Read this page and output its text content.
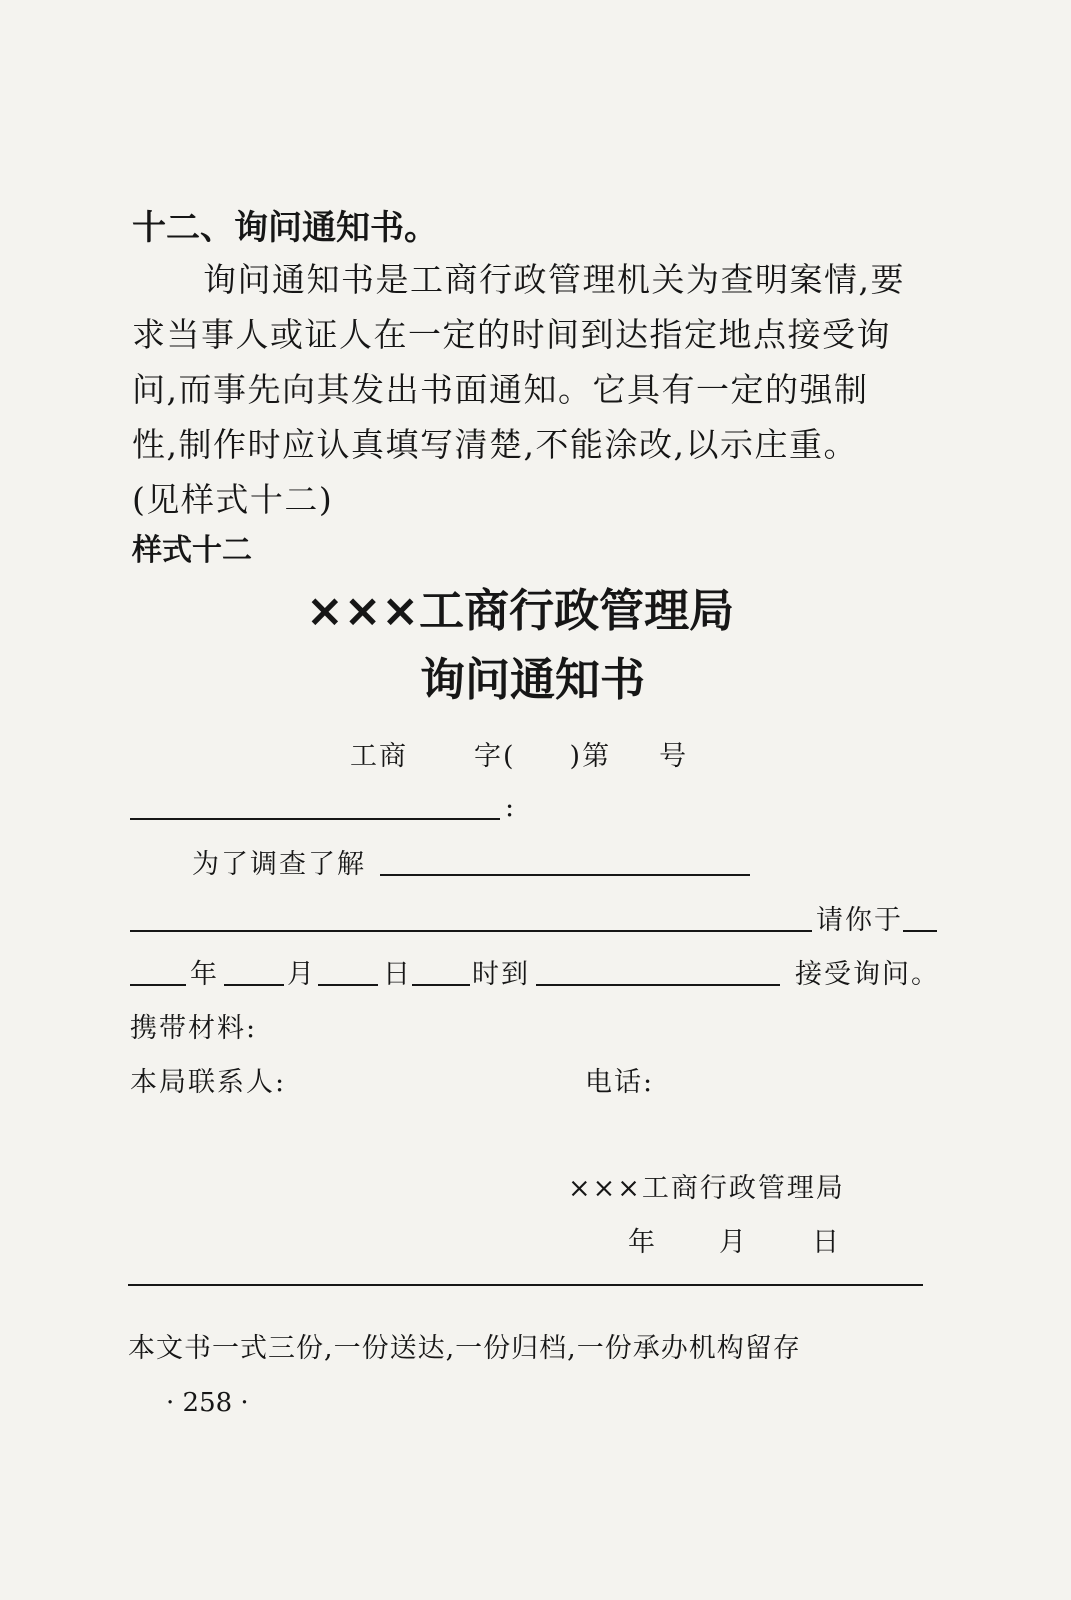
十二、询问通知书。
询问通知书是工商行政管理机关为查明案情,要
求当事人或证人在一定的时间到达指定地点接受询
问,而事先向其发出书面通知。它具有一定的强制
性,制作时应认真填写清楚,不能涂改,以示庄重。
(见样式十二)
样式十二
×××工商行政管理局
询问通知书
工商 字( )第 号
:
为了调查了解
请你于
年	月 日 时到	接受询问。
携带材料:
本局联系人:	电话:
×××工商行政管理局
年 月 日
本文书一式三份,一份送达,一份归档,一份承办机构留存
· 258 ·
